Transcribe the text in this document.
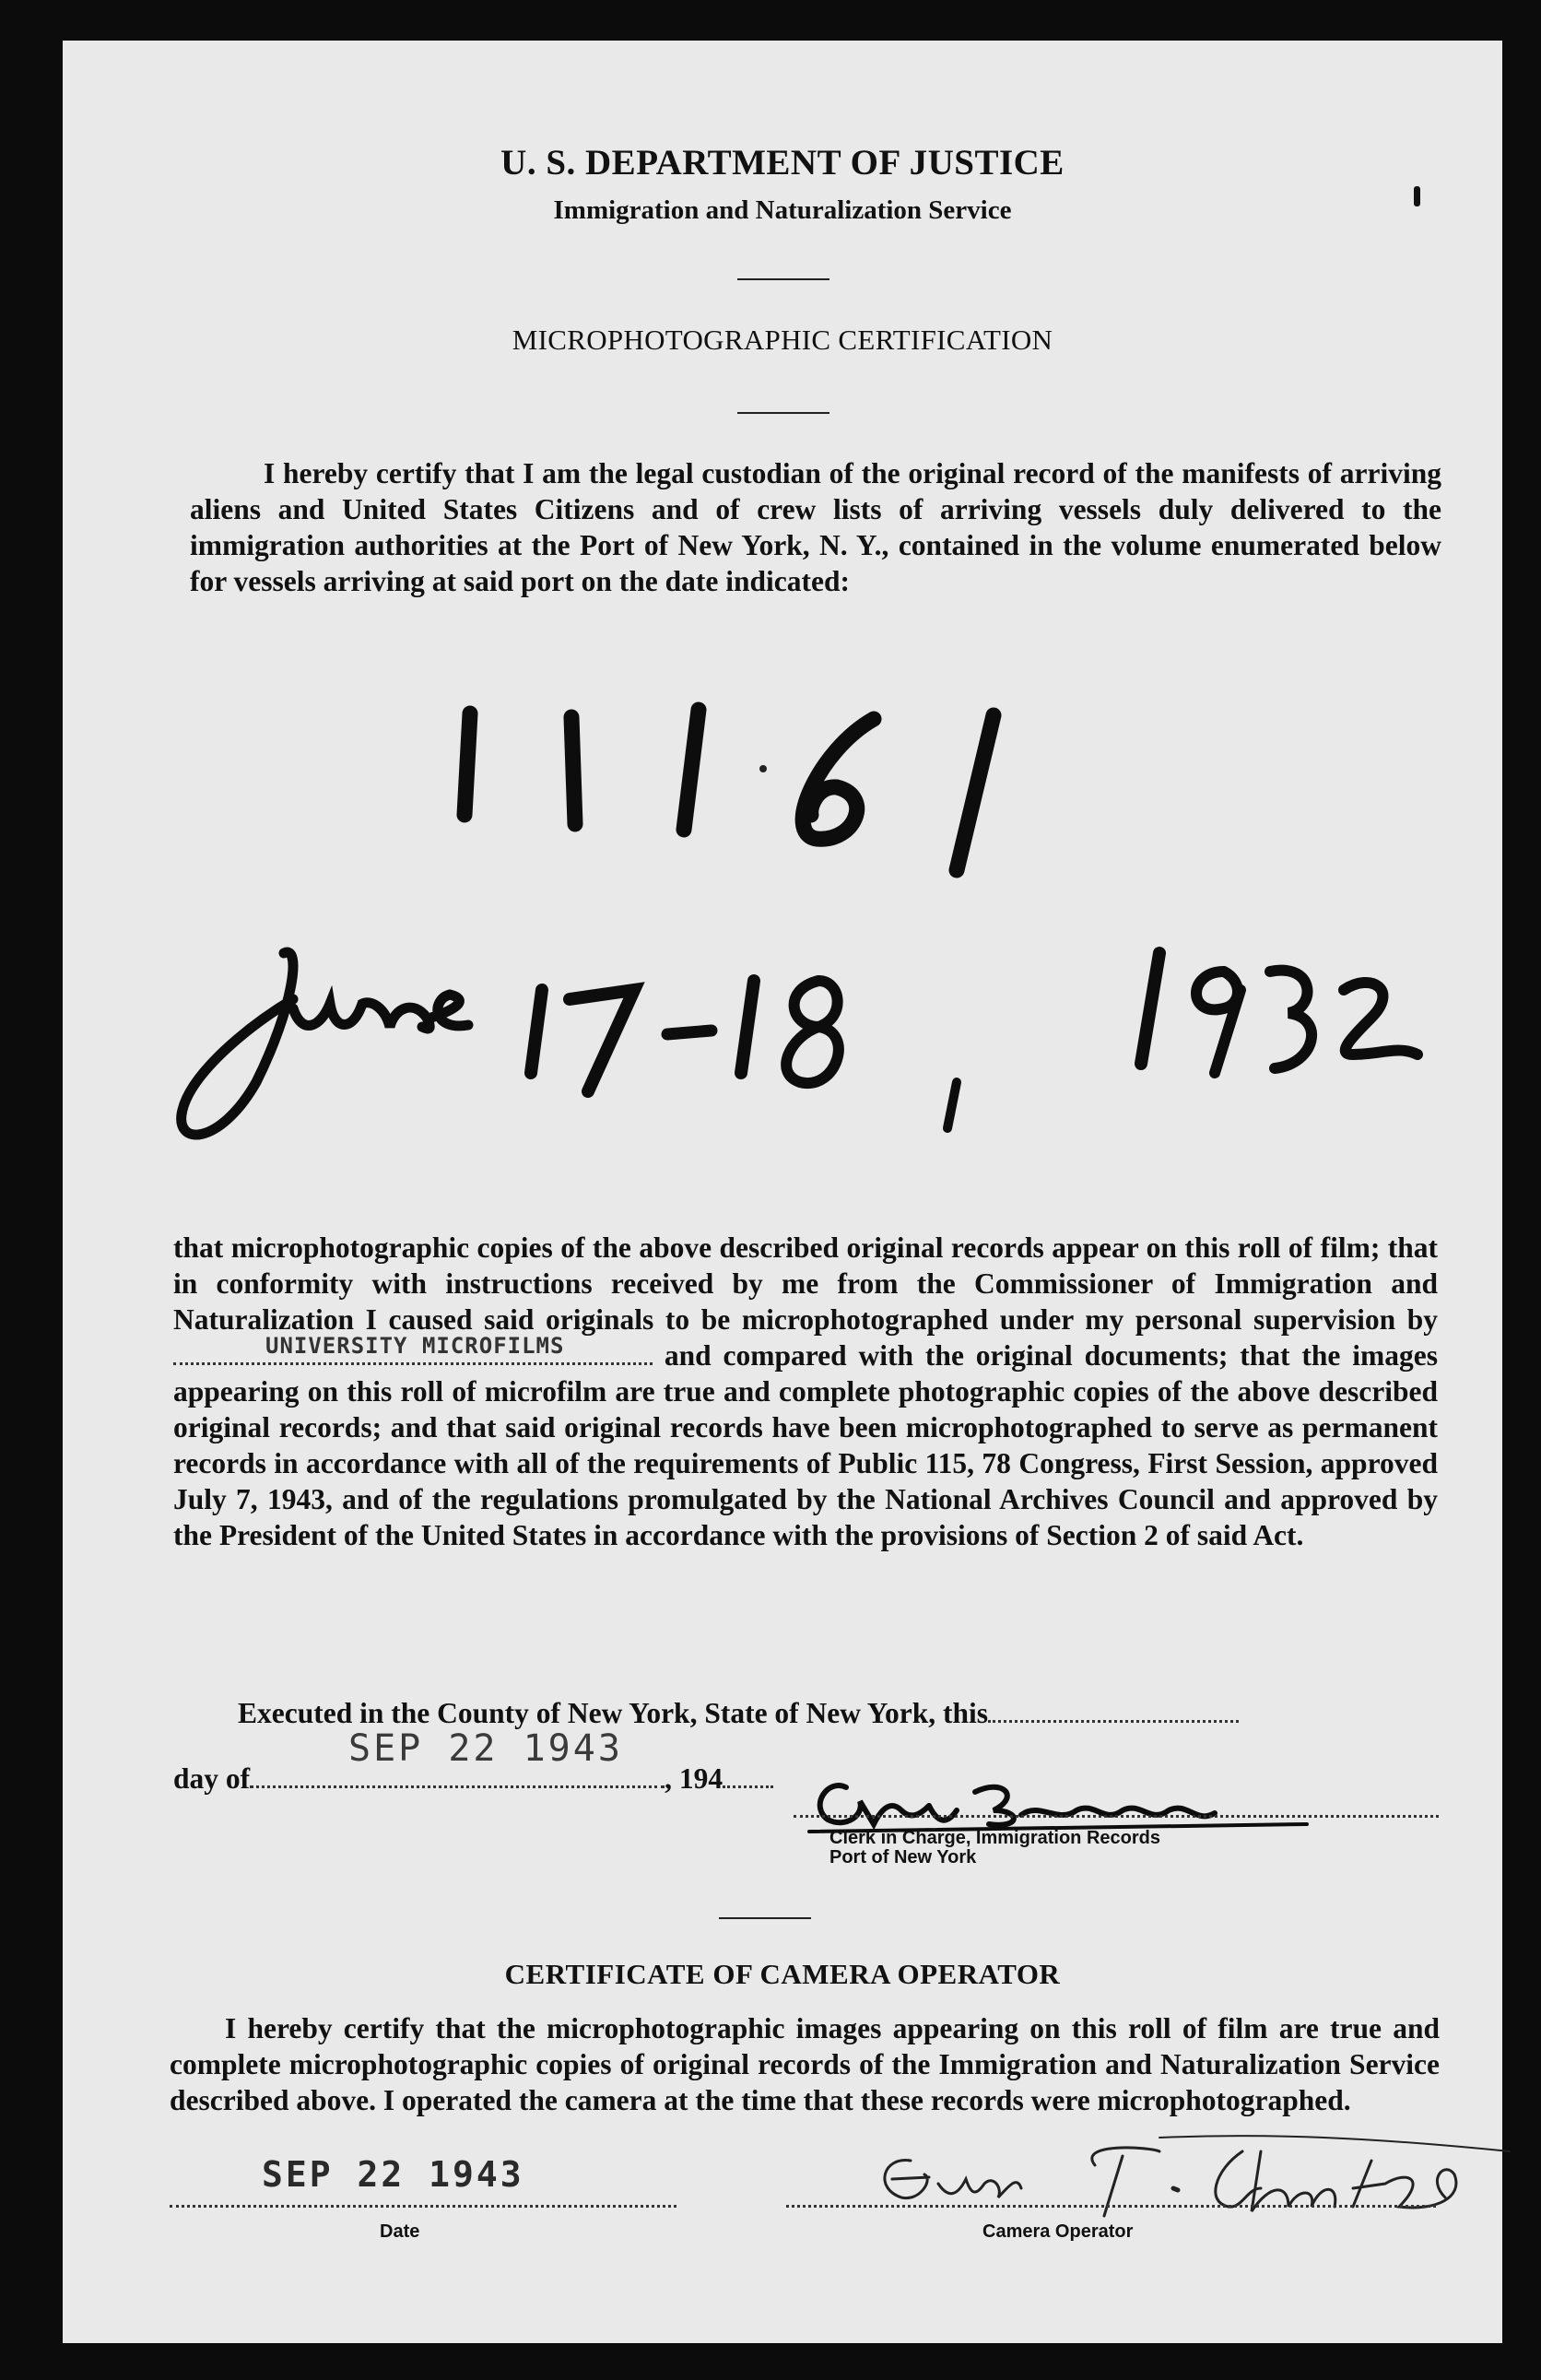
U. S. DEPARTMENT OF JUSTICE
Immigration and Naturalization Service
MICROPHOTOGRAPHIC CERTIFICATION
I hereby certify that I am the legal custodian of the original record of the manifests of arriving aliens and United States Citizens and of crew lists of arriving vessels duly delivered to the immigration authorities at the Port of New York, N. Y., contained in the volume enumerated below for vessels arriving at said port on the date indicated:
that microphotographic copies of the above described original records appear on this roll of film; that in conformity with instructions received by me from the Commissioner of Immigration and Naturalization I caused said originals to be microphotographed under my personal supervision by
UNIVERSITY MICROFILMS	and compared with the original documents; that the images appearing on this roll of microfilm are true and complete photographic copies of the above described original records; and that said original records have been microphotographed to serve as permanent records in accordance with all of the requirements of Public 115, 78 Congress, First Session, approved July 7, 1943, and of the regulations promulgated by the National Archives Council and approved by the President of the United States in accordance with the provisions of Section 2 of said Act.
Executed in the County of New York, State of New York, this
SEP 22 1943
day of	, 194
Clerk in Charge, Immigration Records
Port of New York
CERTIFICATE OF CAMERA OPERATOR
I hereby certify that the microphotographic images appearing on this roll of film are true and complete microphotographic copies of original records of the Immigration and Naturalization Service described above. I operated the camera at the time that these records were microphotographed.
SEP 22 1943
Date	Camera Operator
